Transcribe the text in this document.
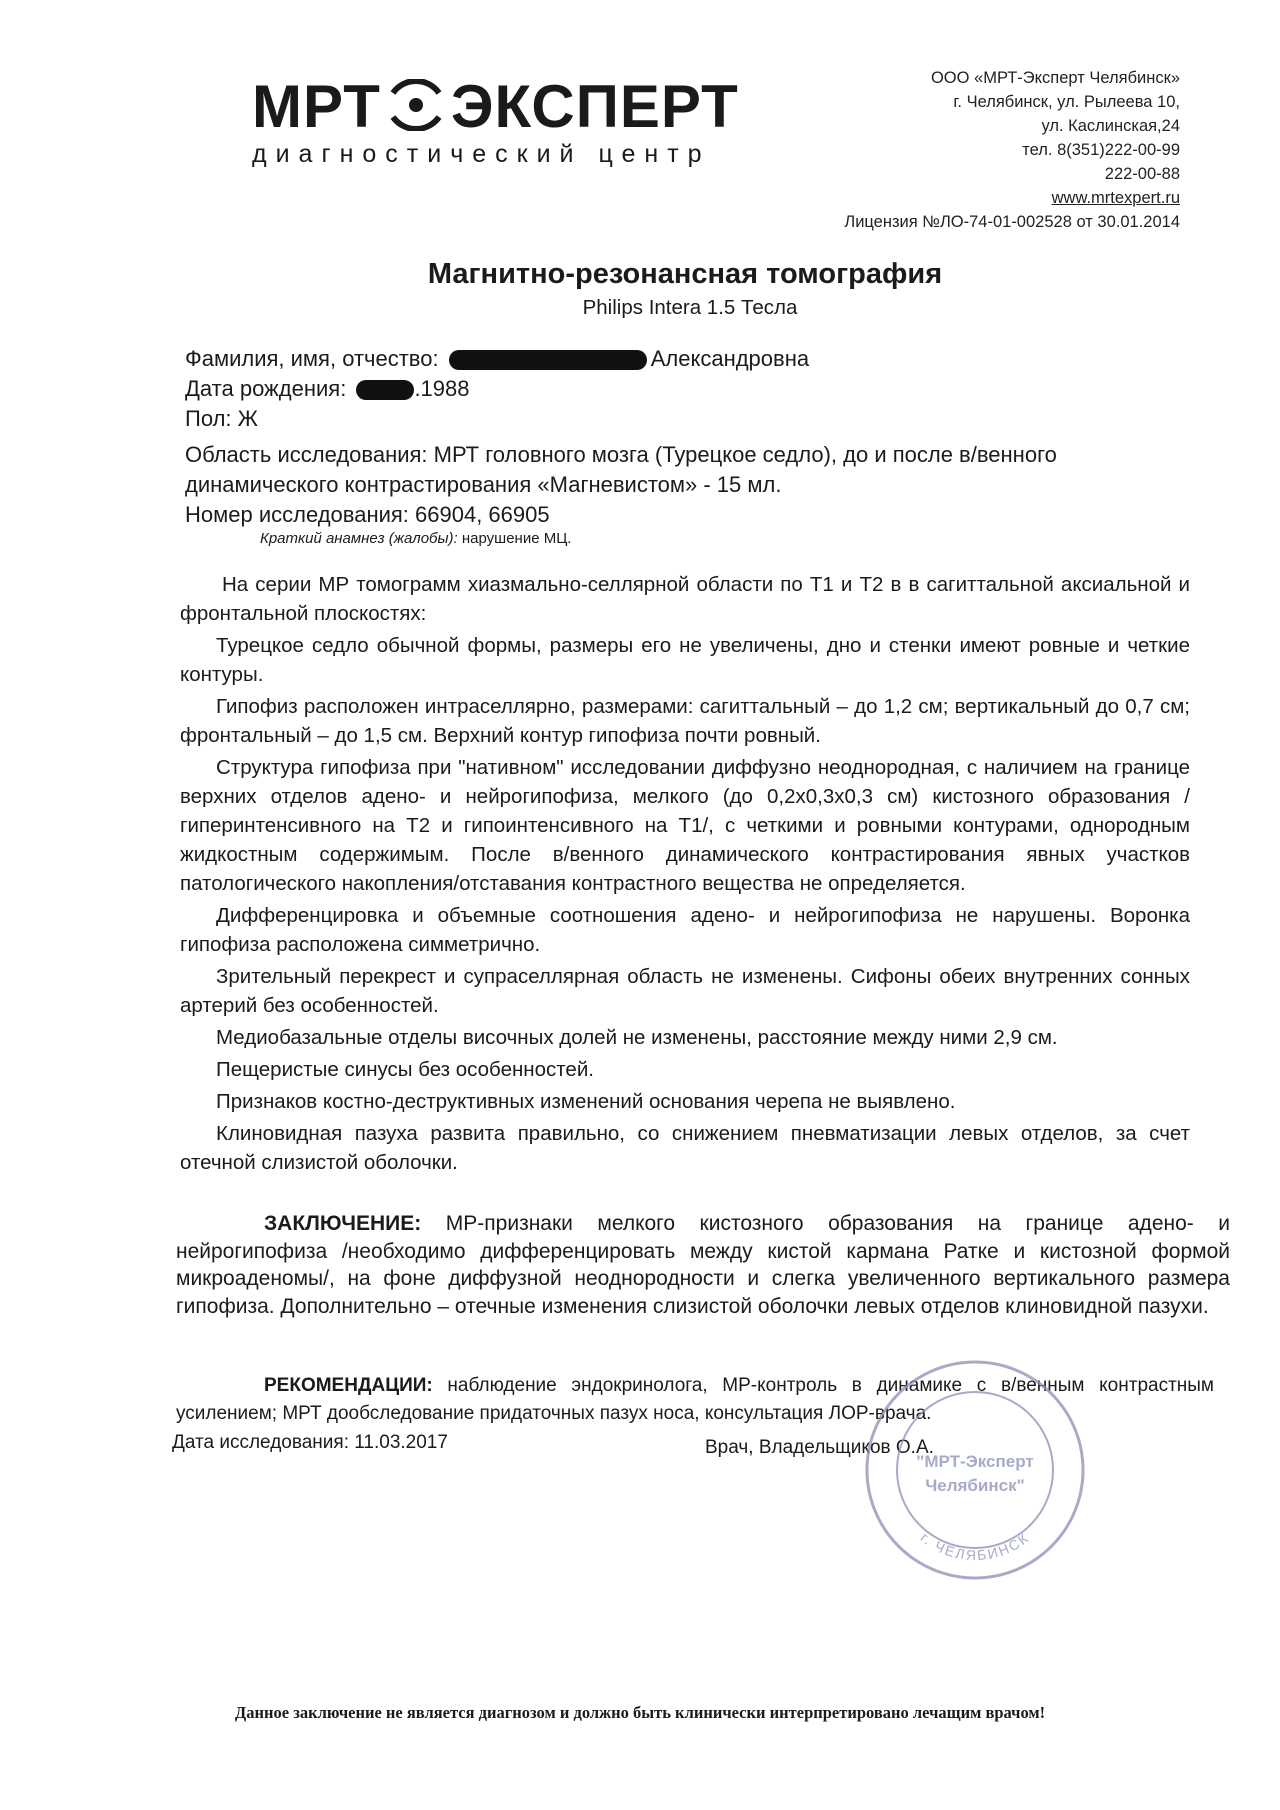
МРТ ЭКСПЕРТ
диагностический центр
ООО «МРТ-Эксперт Челябинск»
г. Челябинск, ул. Рылеева 10,
ул. Каслинская,24
тел. 8(351)222-00-99
222-00-88
www.mrtexpert.ru
Лицензия №ЛО-74-01-002528 от 30.01.2014
Магнитно-резонансная томография
Philips Intera 1.5 Тесла
Фамилия, имя, отчество:	Александровна
Дата рождения:	.1988
Пол: Ж
Область исследования: МРТ головного мозга (Турецкое седло), до и после в/венного
динамического контрастирования «Магневистом» - 15 мл.
Номер исследования: 66904, 66905
Краткий анамнез (жалобы): нарушение МЦ.

На серии МР томограмм хиазмально-селлярной области по Т1 и Т2 в в сагиттальной аксиальной и фронтальной плоскостях:

Турецкое седло обычной формы, размеры его не увеличены, дно и стенки имеют ровные и четкие контуры.

Гипофиз расположен интраселлярно, размерами: сагиттальный – до 1,2 см; вертикальный до 0,7 см; фронтальный – до 1,5 см. Верхний контур гипофиза почти ровный.

Структура гипофиза при "нативном" исследовании диффузно неоднородная, с наличием на границе верхних отделов адено- и нейрогипофиза, мелкого (до 0,2х0,3х0,3 см) кистозного образования /гиперинтенсивного на Т2 и гипоинтенсивного на Т1/, с четкими и ровными контурами, однородным жидкостным содержимым. После в/венного динамического контрастирования явных участков патологического накопления/отставания контрастного вещества не определяется.

Дифференцировка и объемные соотношения адено- и нейрогипофиза не нарушены. Воронка гипофиза расположена симметрично.

Зрительный перекрест и супраселлярная область не изменены. Сифоны обеих внутренних сонных артерий без особенностей.

Медиобазальные отделы височных долей не изменены, расстояние между ними 2,9 см.

Пещеристые синусы без особенностей.

Признаков костно-деструктивных изменений основания черепа не выявлено.

Клиновидная пазуха развита правильно, со снижением пневматизации левых отделов, за счет отечной слизистой оболочки.

ЗАКЛЮЧЕНИЕ: МР-признаки мелкого кистозного образования на границе адено- и нейрогипофиза /необходимо дифференцировать между кистой кармана Ратке и кистозной формой микроаденомы/, на фоне диффузной неоднородности и слегка увеличенного вертикального размера гипофиза. Дополнительно – отечные изменения слизистой оболочки левых отделов клиновидной пазухи.
РЕКОМЕНДАЦИИ: наблюдение эндокринолога, МР-контроль в динамике с в/венным контрастным усилением; МРТ дообследование придаточных пазух носа, консультация ЛОР-врача.
Дата исследования: 11.03.2017	Врач, Владельщиков О.А.
г. ЧЕЛЯБИНСК
"МРТ-Эксперт
Челябинск"
Данное заключение не является диагнозом и должно быть клинически интерпретировано лечащим врачом!
